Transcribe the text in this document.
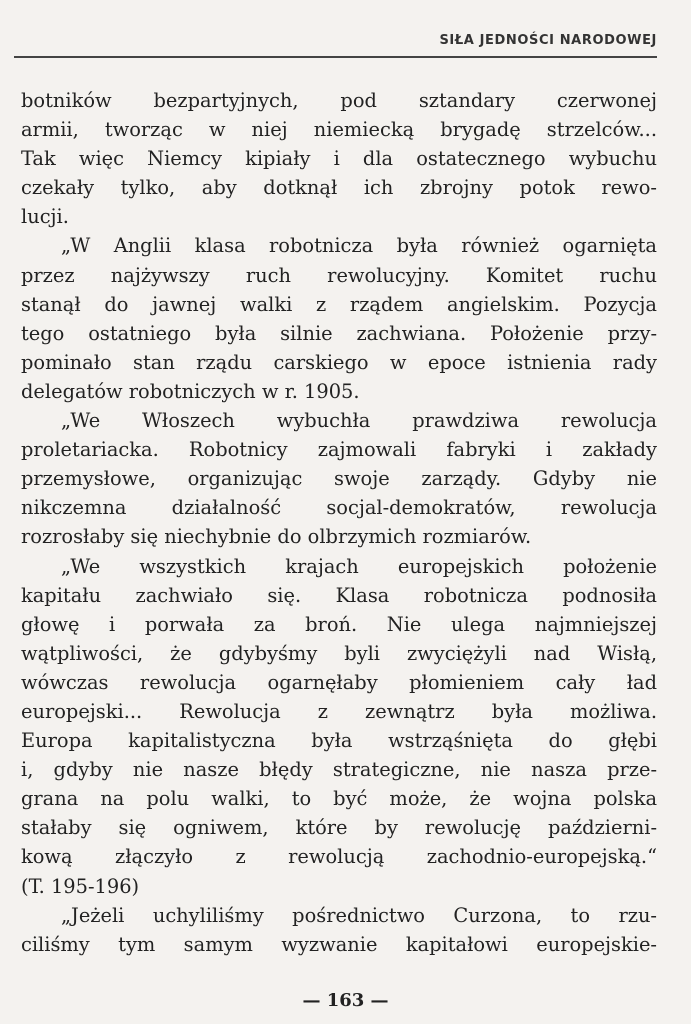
SIŁA JEDNOŚCI NARODOWEJ
botników bezpartyjnych, pod sztandary czerwonej
armii, tworząc w niej niemiecką brygadę strzelców...
Tak więc Niemcy kipiały i dla ostatecznego wybuchu
czekały tylko, aby dotknął ich zbrojny potok rewo-
lucji.
„W Anglii klasa robotnicza była również ogarnięta
przez najżywszy ruch rewolucyjny. Komitet ruchu
stanął do jawnej walki z rządem angielskim. Pozycja
tego ostatniego była silnie zachwiana. Położenie przy-
pominało stan rządu carskiego w epoce istnienia rady
delegatów robotniczych w r. 1905.
„We Włoszech wybuchła prawdziwa rewolucja
proletariacka. Robotnicy zajmowali fabryki i zakłady
przemysłowe, organizując swoje zarządy. Gdyby nie
nikczemna działalność socjal-demokratów, rewolucja
rozrosłaby się niechybnie do olbrzymich rozmiarów.
„We wszystkich krajach europejskich położenie
kapitału zachwiało się. Klasa robotnicza podnosiła
głowę i porwała za broń. Nie ulega najmniejszej
wątpliwości, że gdybyśmy byli zwyciężyli nad Wisłą,
wówczas rewolucja ogarnęłaby płomieniem cały ład
europejski... Rewolucja z zewnątrz była możliwa.
Europa kapitalistyczna była wstrząśnięta do głębi
i, gdyby nie nasze błędy strategiczne, nie nasza prze-
grana na polu walki, to być może, że wojna polska
stałaby się ogniwem, które by rewolucję październi-
kową złączyło z rewolucją zachodnio-europejską.“
(T. 195-196)
„Jeżeli uchyliliśmy pośrednictwo Curzona, to rzu-
ciliśmy tym samym wyzwanie kapitałowi europejskie-
— 163 —
